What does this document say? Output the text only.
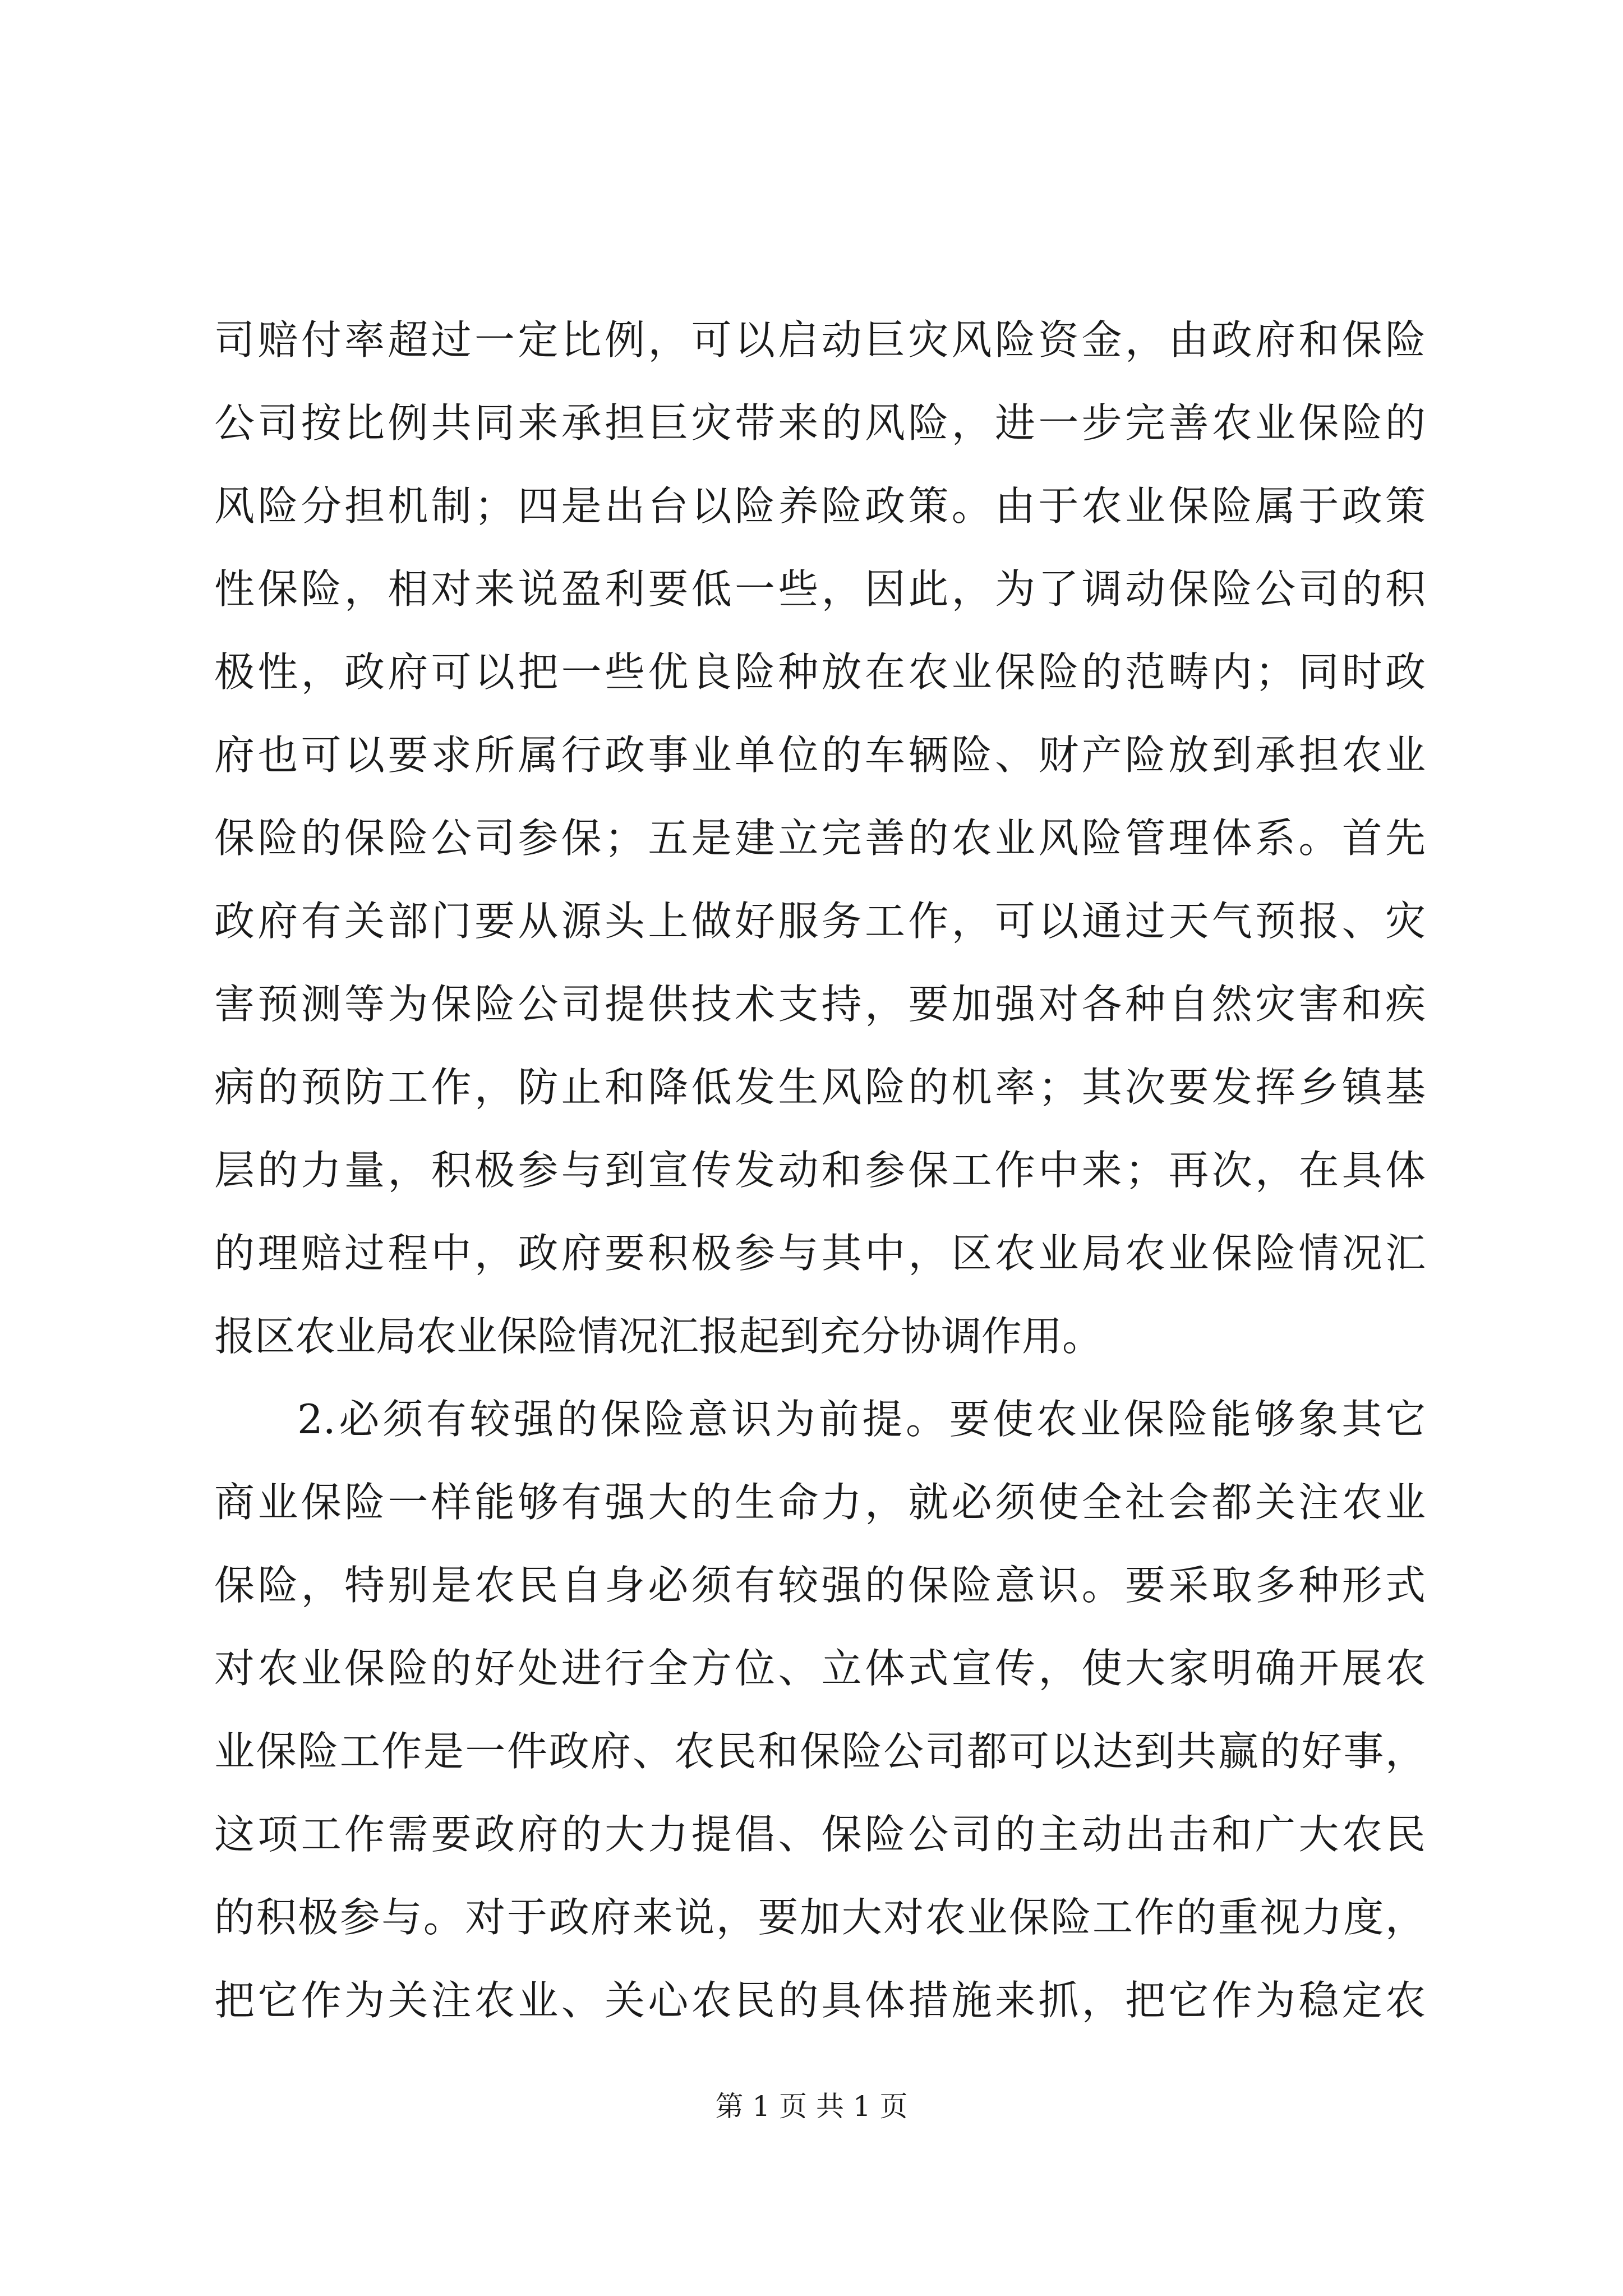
司赔付率超过一定比例，可以启动巨灾风险资金，由政府和保险
公司按比例共同来承担巨灾带来的风险，进一步完善农业保险的
风险分担机制；四是出台以险养险政策。由于农业保险属于政策
性保险，相对来说盈利要低一些，因此，为了调动保险公司的积
极性，政府可以把一些优良险种放在农业保险的范畴内；同时政
府也可以要求所属行政事业单位的车辆险、财产险放到承担农业
保险的保险公司参保；五是建立完善的农业风险管理体系。首先
政府有关部门要从源头上做好服务工作，可以通过天气预报、灾
害预测等为保险公司提供技术支持，要加强对各种自然灾害和疾
病的预防工作，防止和降低发生风险的机率；其次要发挥乡镇基
层的力量，积极参与到宣传发动和参保工作中来；再次，在具体
的理赔过程中，政府要积极参与其中，区农业局农业保险情况汇
报区农业局农业保险情况汇报起到充分协调作用。
2.必须有较强的保险意识为前提。要使农业保险能够象其它
商业保险一样能够有强大的生命力，就必须使全社会都关注农业
保险，特别是农民自身必须有较强的保险意识。要采取多种形式
对农业保险的好处进行全方位、立体式宣传，使大家明确开展农
业保险工作是一件政府、农民和保险公司都可以达到共赢的好事，
这项工作需要政府的大力提倡、保险公司的主动出击和广大农民
的积极参与。对于政府来说，要加大对农业保险工作的重视力度，
把它作为关注农业、关心农民的具体措施来抓，把它作为稳定农
第 1 页 共 1 页
